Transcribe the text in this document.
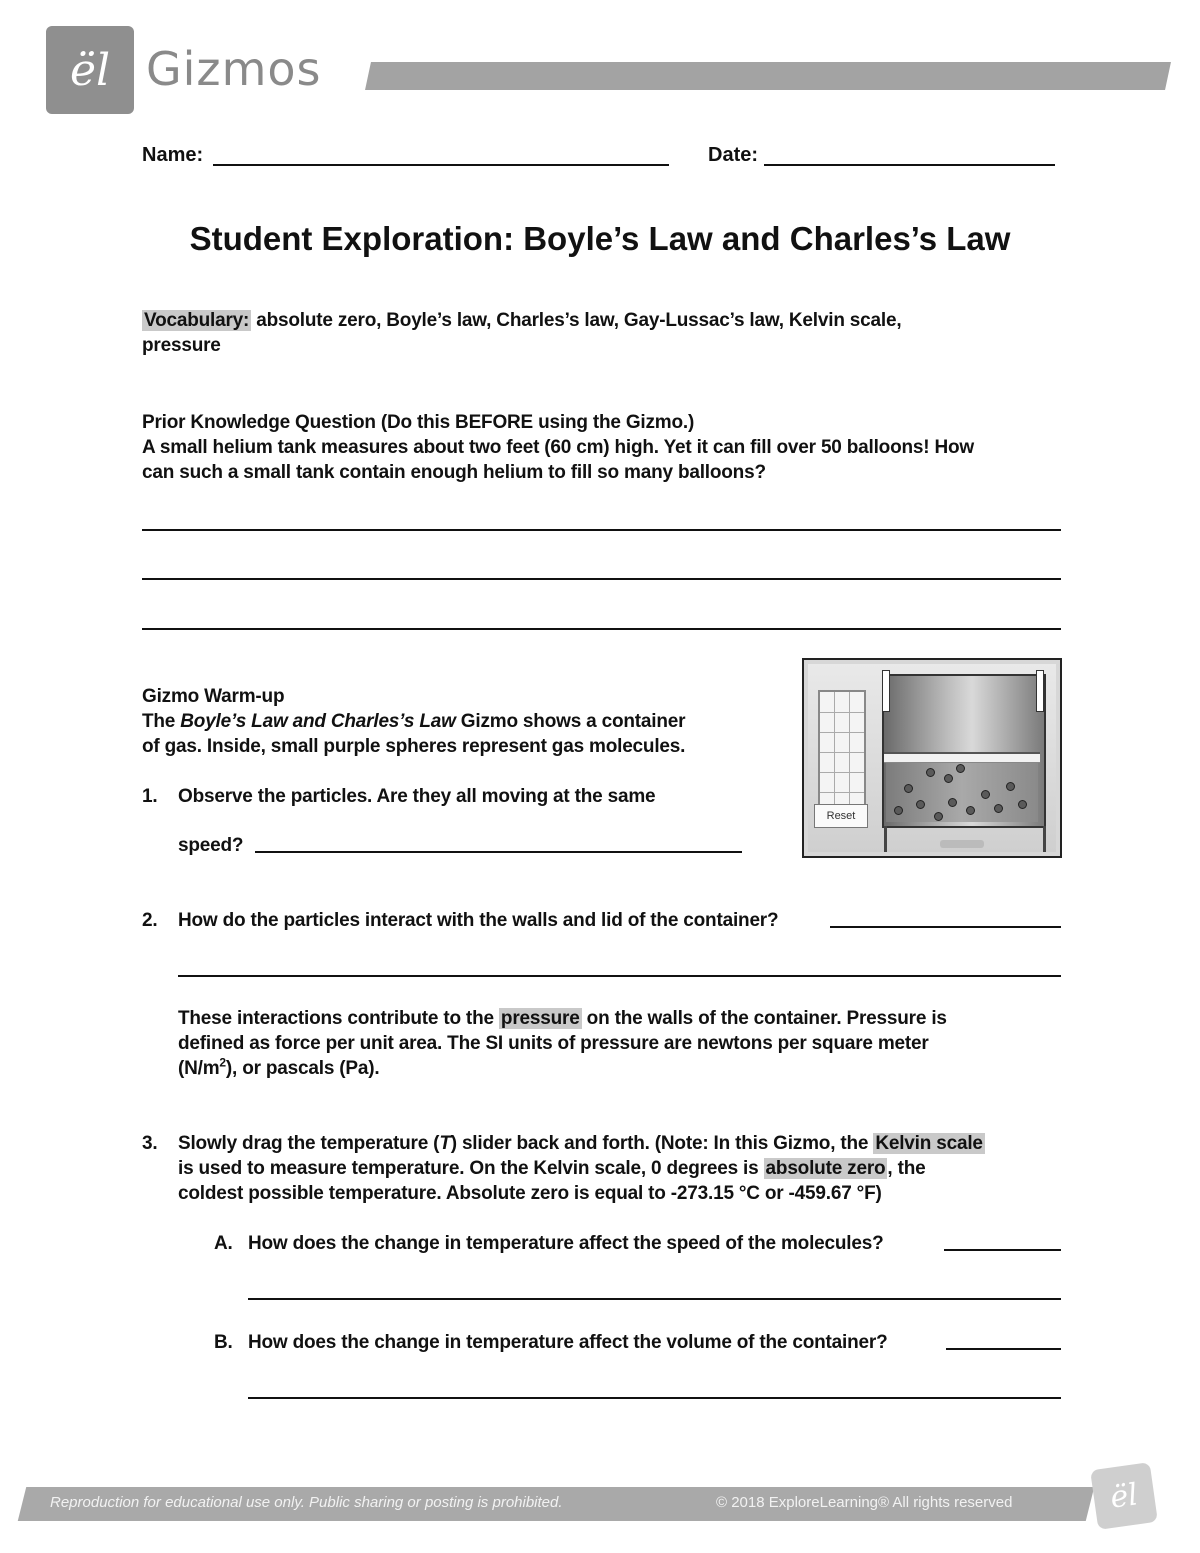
ël Gizmos
Name:	Date:
Student Exploration: Boyle’s Law and Charles’s Law
Vocabulary: absolute zero, Boyle’s law, Charles’s law, Gay-Lussac’s law, Kelvin scale,
pressure
Prior Knowledge Question (Do this BEFORE using the Gizmo.)
A small helium tank measures about two feet (60 cm) high. Yet it can fill over 50 balloons! How
can such a small tank contain enough helium to fill so many balloons?
Gizmo Warm-up
The Boyle’s Law and Charles’s Law Gizmo shows a container
of gas. Inside, small purple spheres represent gas molecules.
Reset
1. Observe the particles. Are they all moving at the same
speed?
2. How do the particles interact with the walls and lid of the container?
These interactions contribute to the pressure on the walls of the container. Pressure is
defined as force per unit area. The SI units of pressure are newtons per square meter
$(N/m^2)$, or pascals (Pa).
3. Slowly drag the temperature (T) slider back and forth. (Note: In this Gizmo, the Kelvin scale
is used to measure temperature. On the Kelvin scale, 0 degrees is absolute zero , the
coldest possible temperature. Absolute zero is equal to -273.15 °C or -459.67 °F)
A. How does the change in temperature affect the speed of the molecules?
B. How does the change in temperature affect the volume of the container?
Reproduction for educational use only. Public sharing or posting is prohibited.	© 2018 ExploreLearning® All rights reserved	ël
